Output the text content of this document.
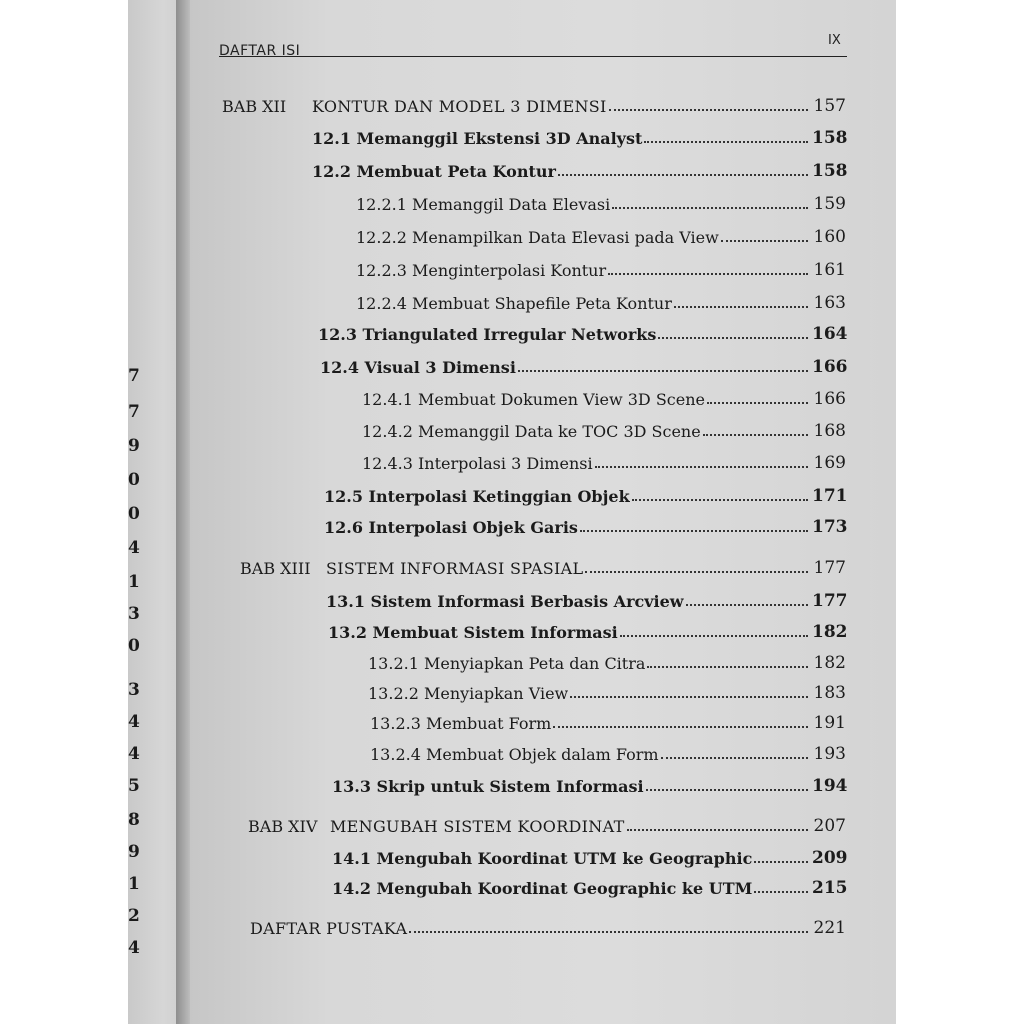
7
7
9
0
0
4
1
3
0
3
4
4
5
8
9
1
2
4
DAFTAR ISI
IX
BAB XII	KONTUR DAN MODEL 3 DIMENSI	157
12.1 Memanggil Ekstensi 3D Analyst	158
12.2 Membuat Peta Kontur	158
12.2.1 Memanggil Data Elevasi	159
12.2.2 Menampilkan Data Elevasi pada View	160
12.2.3 Menginterpolasi Kontur	161
12.2.4 Membuat Shapefile Peta Kontur	163
12.3 Triangulated Irregular Networks	164
12.4 Visual 3 Dimensi	166
12.4.1 Membuat Dokumen View 3D Scene	166
12.4.2 Memanggil Data ke TOC 3D Scene	168
12.4.3 Interpolasi 3 Dimensi	169
12.5 Interpolasi Ketinggian Objek	171
12.6 Interpolasi Objek Garis	173
BAB XIII SISTEM INFORMASI SPASIAL	177
13.1 Sistem Informasi Berbasis Arcview	177
13.2 Membuat Sistem Informasi	182
13.2.1 Menyiapkan Peta dan Citra	182
13.2.2 Menyiapkan View	183
13.2.3 Membuat Form	191
13.2.4 Membuat Objek dalam Form	193
13.3 Skrip untuk Sistem Informasi	194
BAB XIV MENGUBAH SISTEM KOORDINAT	207
14.1 Mengubah Koordinat UTM ke Geographic	209
14.2 Mengubah Koordinat Geographic ke UTM	215
DAFTAR PUSTAKA	221
